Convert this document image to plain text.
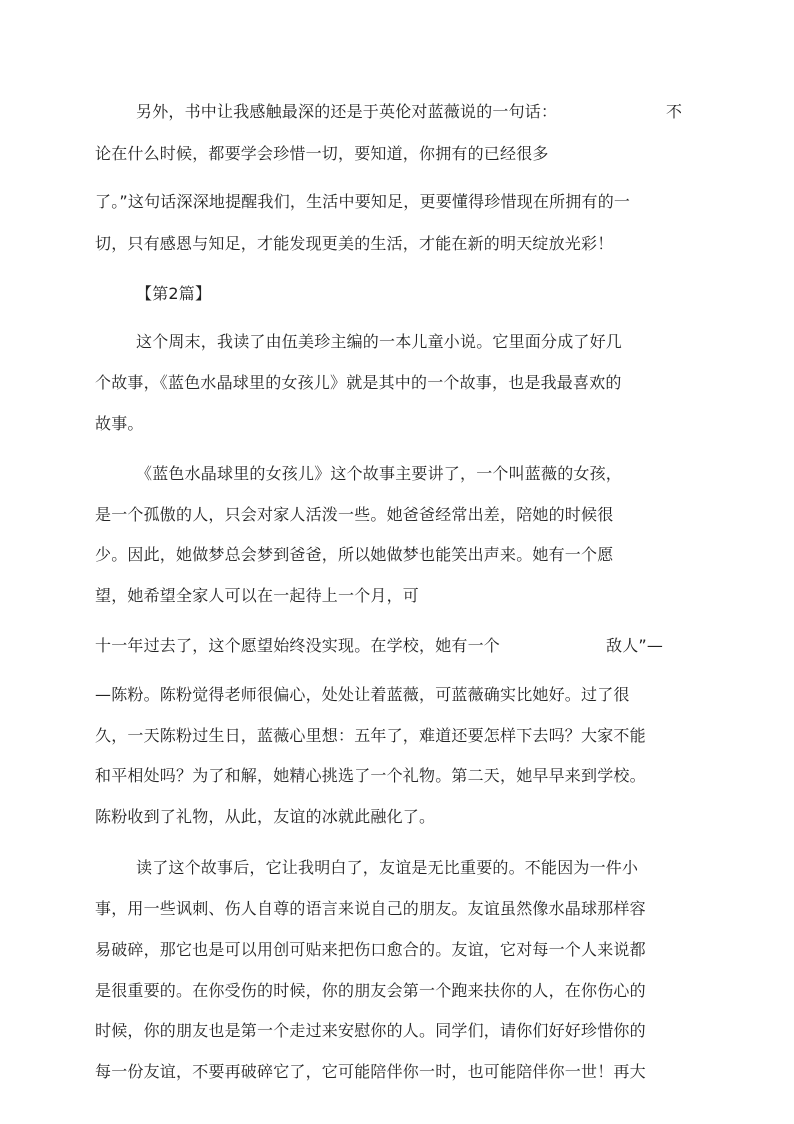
另外，书中让我感触最深的还是于英伦对蓝薇说的一句话：	不
论在什么时候，都要学会珍惜一切，要知道，你拥有的已经很多
了。”这句话深深地提醒我们，生活中要知足，更要懂得珍惜现在所拥有的一
切，只有感恩与知足，才能发现更美的生活，才能在新的明天绽放光彩！
【第2篇】
这个周末，我读了由伍美珍主编的一本儿童小说。它里面分成了好几
个故事，《蓝色水晶球里的女孩儿》就是其中的一个故事，也是我最喜欢的
故事。
《蓝色水晶球里的女孩儿》这个故事主要讲了，一个叫蓝薇的女孩，
是一个孤傲的人，只会对家人活泼一些。她爸爸经常出差，陪她的时候很
少。因此，她做梦总会梦到爸爸，所以她做梦也能笑出声来。她有一个愿
望，她希望全家人可以在一起待上一个月，可
十一年过去了，这个愿望始终没实现。在学校，她有一个	敌人”—
—陈粉。陈粉觉得老师很偏心，处处让着蓝薇，可蓝薇确实比她好。过了很
久，一天陈粉过生日，蓝薇心里想：五年了，难道还要怎样下去吗？大家不能
和平相处吗？为了和解，她精心挑选了一个礼物。第二天，她早早来到学校。
陈粉收到了礼物，从此，友谊的冰就此融化了。
读了这个故事后，它让我明白了，友谊是无比重要的。不能因为一件小
事，用一些讽刺、伤人自尊的语言来说自己的朋友。友谊虽然像水晶球那样容
易破碎，那它也是可以用创可贴来把伤口愈合的。友谊，它对每一个人来说都
是很重要的。在你受伤的时候，你的朋友会第一个跑来扶你的人，在你伤心的
时候，你的朋友也是第一个走过来安慰你的人。同学们，请你们好好珍惜你的
每一份友谊，不要再破碎它了，它可能陪伴你一时，也可能陪伴你一世！再大
